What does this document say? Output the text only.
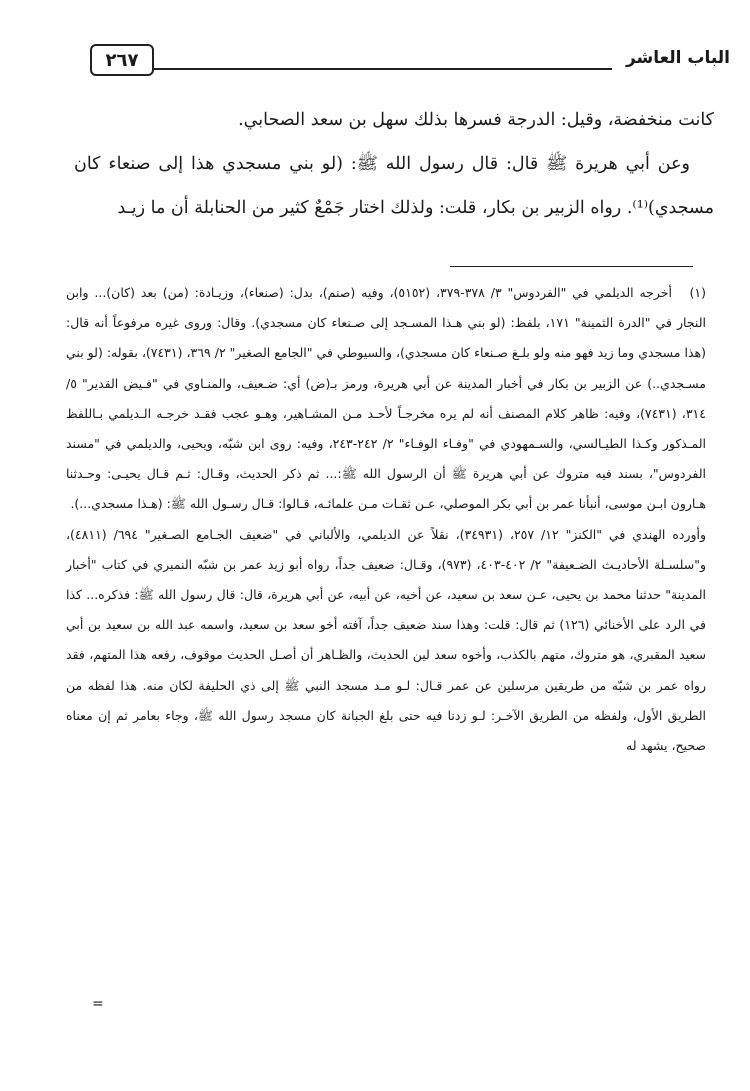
٢٦٧	الباب العاشر

كانت منخفضة، وقيل: الدرجة فسرها بذلك سهل بن سعد الصحابي.

وعن أبي هريرة ﷺ قال: قال رسول الله ﷺ: (لو بني مسجدي هذا إلى صنعاء كان مسجدي)⁽¹⁾. رواه الزبير بن بكار، قلت: ولذلك اختار جَمْعٌ كثير من الحنابلة أن ما زيـد

(١)أخرجه الديلمي في "الفردوس" ٣/ ٣٧٨-٣٧٩، (٥١٥٢)، وفيه (صنم)، بدل: (صنعاء)، وزيـادة: (من) بعد (كان)... وابن النجار في "الدرة الثمينة" ١٧١، بلفظ: (لو بني هـذا المسـجد إلى صـنعاء كان مسجدي). وقال: وروى غيره مرفوعاً أنه قال: (هذا مسجدي وما زيد فهو منه ولو بلـغ صـنعاء كان مسجدي)، والسيوطي في "الجامع الصغير" ٢/ ٣٦٩، (٧٤٣١)، بقوله: (لو بني مسـجدي..) عن الزبير بن بكار في أخبار المدينة عن أبي هريرة، ورمز بـ(ض) أي: ضـعيف، والمنـاوي في "فـيض القدير" ٥/ ٣١٤، (٧٤٣١)، وفيه: ظاهر كلام المصنف أنه لم يره مخرجـاً لأحـد مـن المشـاهير، وهـو عجب فقـد خرجـه الـديلمي بـاللفظ المـذكور وكـذا الطيـالسي، والسـمهودي في "وفـاء الوفـاء" ٢/ ٢٤٢-٢٤٣، وفيه: روى ابن شبّه، ويحيى، والديلمي في "مسند الفردوس"، بسند فيه متروك عن أبي هريرة ﷺ أن الرسول الله ﷺ:... ثم ذكر الحديث، وقـال: ثـم قـال يحيـى: وحـدثنا هـارون ابـن موسى، أنبأنا عمر بن أبي بكر الموصلي، عـن ثقـات مـن علمائـه، قـالوا: قـال رسـول الله ﷺ: (هـذا مسجدي...).

وأورده الهندي في "الكنز" ١٢/ ٢٥٧، (٣٤٩٣١)، نقلاً عن الديلمي، والألباني في "ضعيف الجـامع الصـغير" ٦٩٤/ (٤٨١١)، و"سلسـلة الأحاديـث الضـعيفة" ٢/ ٤٠٢-٤٠٣، (٩٧٣)، وقـال: ضعيف جداً، رواه أبو زيد عمر بن شبّه النميري في كتاب "أخبار المدينة" حدثنا محمد بن يحيى، عـن سعد بن سعيد، عن أخيه، عن أبيه، عن أبي هريرة، قال: قال رسول الله ﷺ: فذكره... كذا في الرد على الأخنائي (١٢٦) ثم قال: قلت: وهذا سند ضعيف جداً، آفته أخو سعد بن سعيد، واسمه عبد الله بن سعيد بن أبي سعيد المقبري، هو متروك، متهم بالكذب، وأخوه سعد لين الحديث، والظـاهر أن أصـل الحديث موقوف، رفعه هذا المتهم، فقد رواه عمر بن شبّه من طريقين مرسلين عن عمر قـال: لـو مـد مسجد النبي ﷺ إلى ذي الحليفة لكان منه. هذا لفظه من الطريق الأول، ولفظه من الطريق الآخـر: لـو زدنا فيه حتى بلغ الجبانة كان مسجد رسول الله ﷺ، وجاء بعامر ثم إن معناه صحيح، يشهد له

=
